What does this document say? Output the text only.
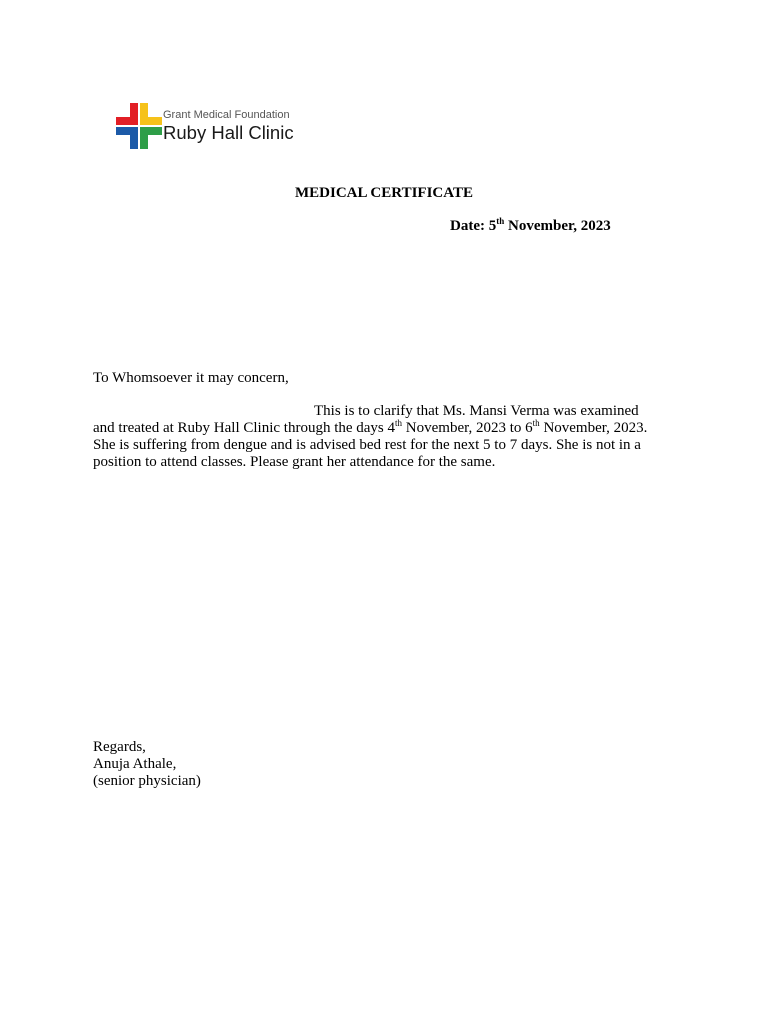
Grant Medical Foundation
Ruby Hall Clinic
MEDICAL CERTIFICATE
Date: 5th November, 2023
To Whomsoever it may concern,
This is to clarify that Ms. Mansi Verma was examined
and treated at Ruby Hall Clinic through the days 4th November, 2023 to 6th November, 2023.
She is suffering from dengue and is advised bed rest for the next 5 to 7 days. She is not in a
position to attend classes. Please grant her attendance for the same.
Regards,
Anuja Athale,
(senior physician)
